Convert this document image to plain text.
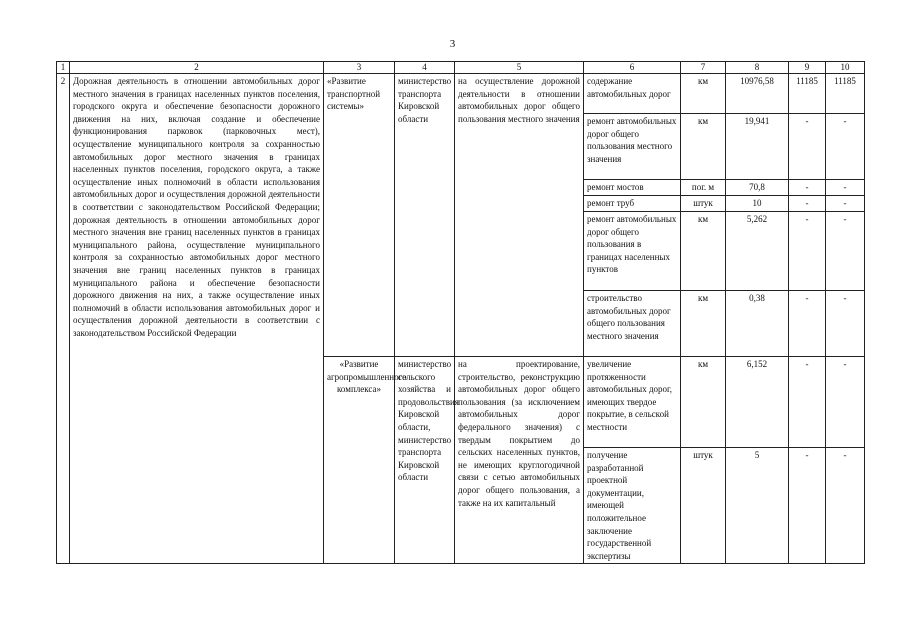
3
1	2	3	4	5	6	7	8	9	10
2	Дорожная деятельность в отношении автомобильных дорог местного значения в границах населенных пунктов поселения, городского округа и обеспечение безопасности дорожного движения на них, включая создание и обеспечение функционирования парковок (парковочных мест), осуществление муниципального контроля за сохранностью автомобильных дорог местного значения в границах населенных пунктов поселения, городского округа, а также осуществление иных полномочий в области использования автомобильных дорог и осуществления дорожной деятельности в соответствии с законодательством Российской Федерации; дорожная деятельность в отношении автомобильных дорог местного значения вне границ населенных пунктов в границах муниципального района, осуществление муниципального контроля за сохранностью автомобильных дорог местного значения вне границ населенных пунктов в границах муниципального района и обеспечение безопасности дорожного движения на них, а также осуществление иных полномочий в области использования автомобильных дорог и осуществления дорожной деятельности в соответствии с законодательством Российской Федерации	«Развитие транспортной системы»	министерство транспорта Кировской области	на осуществление дорожной деятельности в отношении автомобильных дорог общего пользования местного значения	содержание автомобильных дорог	км	10976,58	11185	11185
					ремонт автомобильных дорог общего пользования местного значения	км	19,941	-	-
					ремонт мостов	пог. м	70,8	-	-
					ремонт труб	штук	10	-	-
					ремонт автомобильных дорог общего пользования в границах населенных пунктов	км	5,262	-	-
					строительство автомобильных дорог общего пользования местного значения	км	0,38	-	-
		«Развитие агропромышленного комплекса»	министерство сельского хозяйства и продовольствия Кировской области, министерство транспорта Кировской области	на проектирование, строительство, реконструкцию автомобильных дорог общего пользования (за исключением автомобильных дорог федерального значения) с твердым покрытием до сельских населенных пунктов, не имеющих круглогодичной связи с сетью автомобильных дорог общего пользования, а также на их капитальный	увеличение протяженности автомобильных дорог, имеющих твердое покрытие, в сельской местности	км	6,152	-	-
					получение разработанной проектной документации, имеющей положительное заключение государственной экспертизы	штук	5	-	-
